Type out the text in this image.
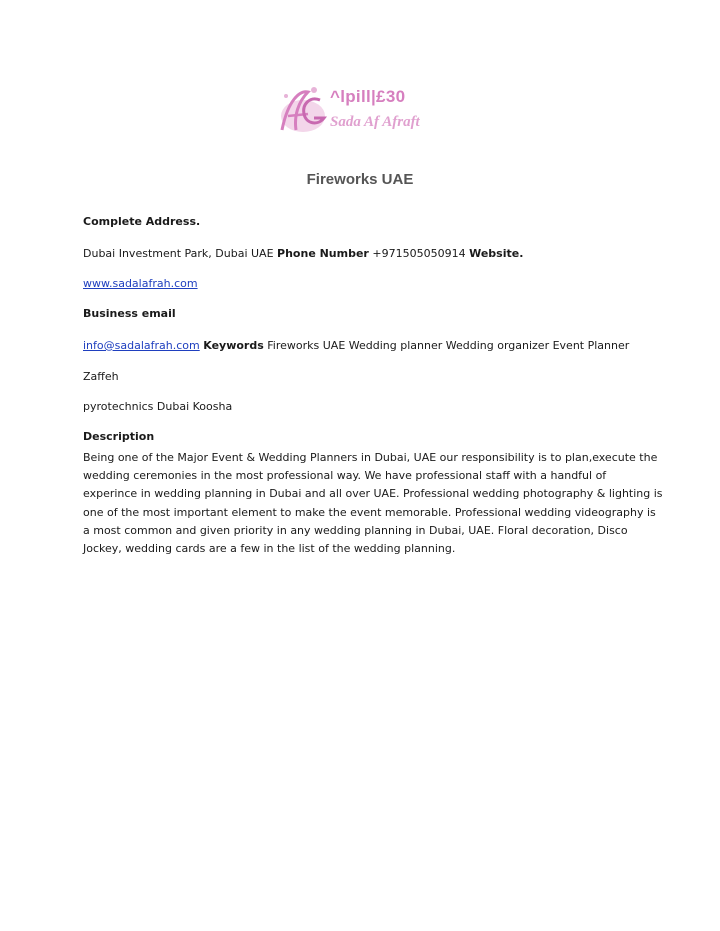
^lpill|£30
Sada Af Afraft
Fireworks UAE
Complete Address.
Dubai Investment Park, Dubai UAE Phone Number +971505050914 Website.
www.sadalafrah.com
Business email
info@sadalafrah.com Keywords Fireworks UAE Wedding planner Wedding organizer Event Planner
Zaffeh
pyrotechnics Dubai Koosha
Description
Being one of the Major Event & Wedding Planners in Dubai, UAE our responsibility is to plan,execute the
wedding ceremonies in the most professional way. We have professional staff with a handful of
experince in wedding planning in Dubai and all over UAE. Professional wedding photography & lighting is
one of the most important element to make the event memorable. Professional wedding videography is
a most common and given priority in any wedding planning in Dubai, UAE. Floral decoration, Disco
Jockey, wedding cards are a few in the list of the wedding planning.
